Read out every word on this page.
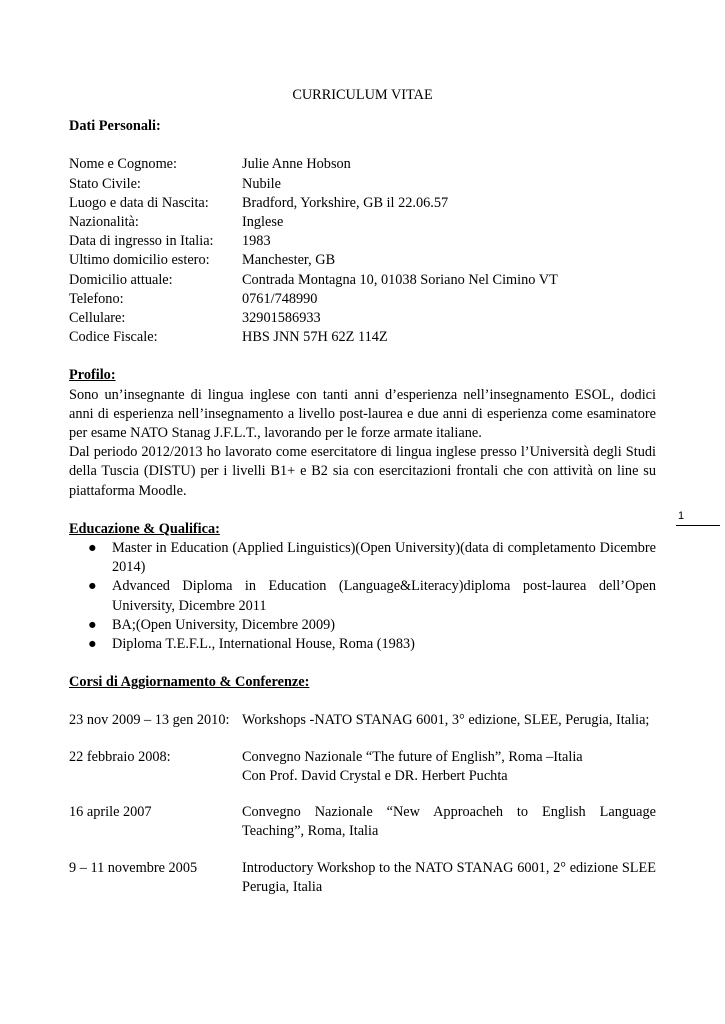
CURRICULUM VITAE
Dati Personali:
Nome e Cognome:	Julie Anne Hobson
Stato Civile:	Nubile
Luogo e data di Nascita:	Bradford, Yorkshire, GB il 22.06.57
Nazionalità:	Inglese
Data di ingresso in Italia:	1983
Ultimo domicilio estero:	Manchester, GB
Domicilio attuale:	Contrada Montagna 10, 01038 Soriano Nel Cimino VT
Telefono:	0761/748990
Cellulare:	32901586933
Codice Fiscale:	HBS JNN 57H 62Z 114Z
Profilo:

Sono un’insegnante di lingua inglese con tanti anni d’esperienza nell’insegnamento ESOL, dodici anni di esperienza nell’insegnamento a livello post-laurea e due anni di esperienza come esaminatore per esame NATO Stanag J.F.L.T., lavorando per le forze armate italiane.

Dal periodo 2012/2013 ho lavorato come esercitatore di lingua inglese presso l’Università degli Studi della Tuscia (DISTU) per i livelli B1+ e B2 sia con esercitazioni frontali che con attività on line su piattaforma Moodle.

Educazione & Qualifica:
● Master in Education (Applied Linguistics)(Open University)(data di completamento Dicembre 2014)
● Advanced Diploma in Education (Language&Literacy)diploma post-laurea dell’Open University, Dicembre 2011
● BA;(Open University, Dicembre 2009)
● Diploma T.E.F.L., International House, Roma (1983)
Corsi di Aggiornamento & Conferenze:
23 nov 2009 – 13 gen 2010: Workshops -NATO STANAG 6001, 3° edizione, SLEE, Perugia, Italia;
22 febbraio 2008:	Convegno Nazionale “The future of English”, Roma –Italia
Con Prof. David Crystal e DR. Herbert Puchta
16 aprile 2007	Convegno Nazionale “New Approacheh to English Language Teaching”, Roma, Italia
9 – 11 novembre 2005	Introductory Workshop to the NATO STANAG 6001, 2° edizione SLEE Perugia, Italia
1
